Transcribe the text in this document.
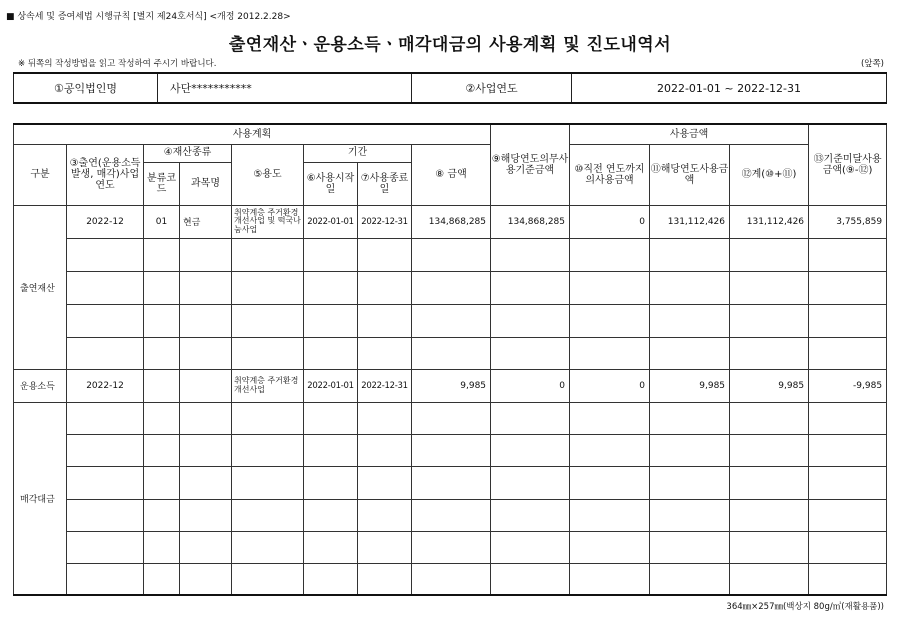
■ 상속세 및 증여세법 시행규칙 [별지 제24호서식] <개정 2012.2.28>
출연재산ㆍ운용소득ㆍ매각대금의 사용계획 및 진도내역서
※ 뒤쪽의 작성방법을 읽고 작성하여 주시기 바랍니다.	(앞쪽)
①공익법인명	사단***********	②사업연도	2022-01-01 ~ 2022-12-31
사용계획								⑨해당연도의무사용기준금액	사용금액			⑬기준미달사용금액(⑨-⑫)
구분	③출연(운용소득 발생, 매각)사업연도	④재산종류		⑤용도	기간		⑧ 금액		⑩직전 연도까지의사용금액	⑪해당연도사용금액	⑫계(⑩+⑪)	
		분류코드	과목명		⑥사용시작일	⑦사용종료일						

출연재산	2022-12	01	현금	취약계층 주거환경개선사업 및 떡국나눔사업	2022-01-01	2022-12-31	134,868,285	134,868,285	0	131,112,426	131,112,426	3,755,859

운용소득	2022-12			취약계층 주거환경개선사업	2022-01-01	2022-12-31	9,985	0	0	9,985	9,985	-9,985
매각대금												

364㎜×257㎜(백상지 80g/㎡(재활용품))
